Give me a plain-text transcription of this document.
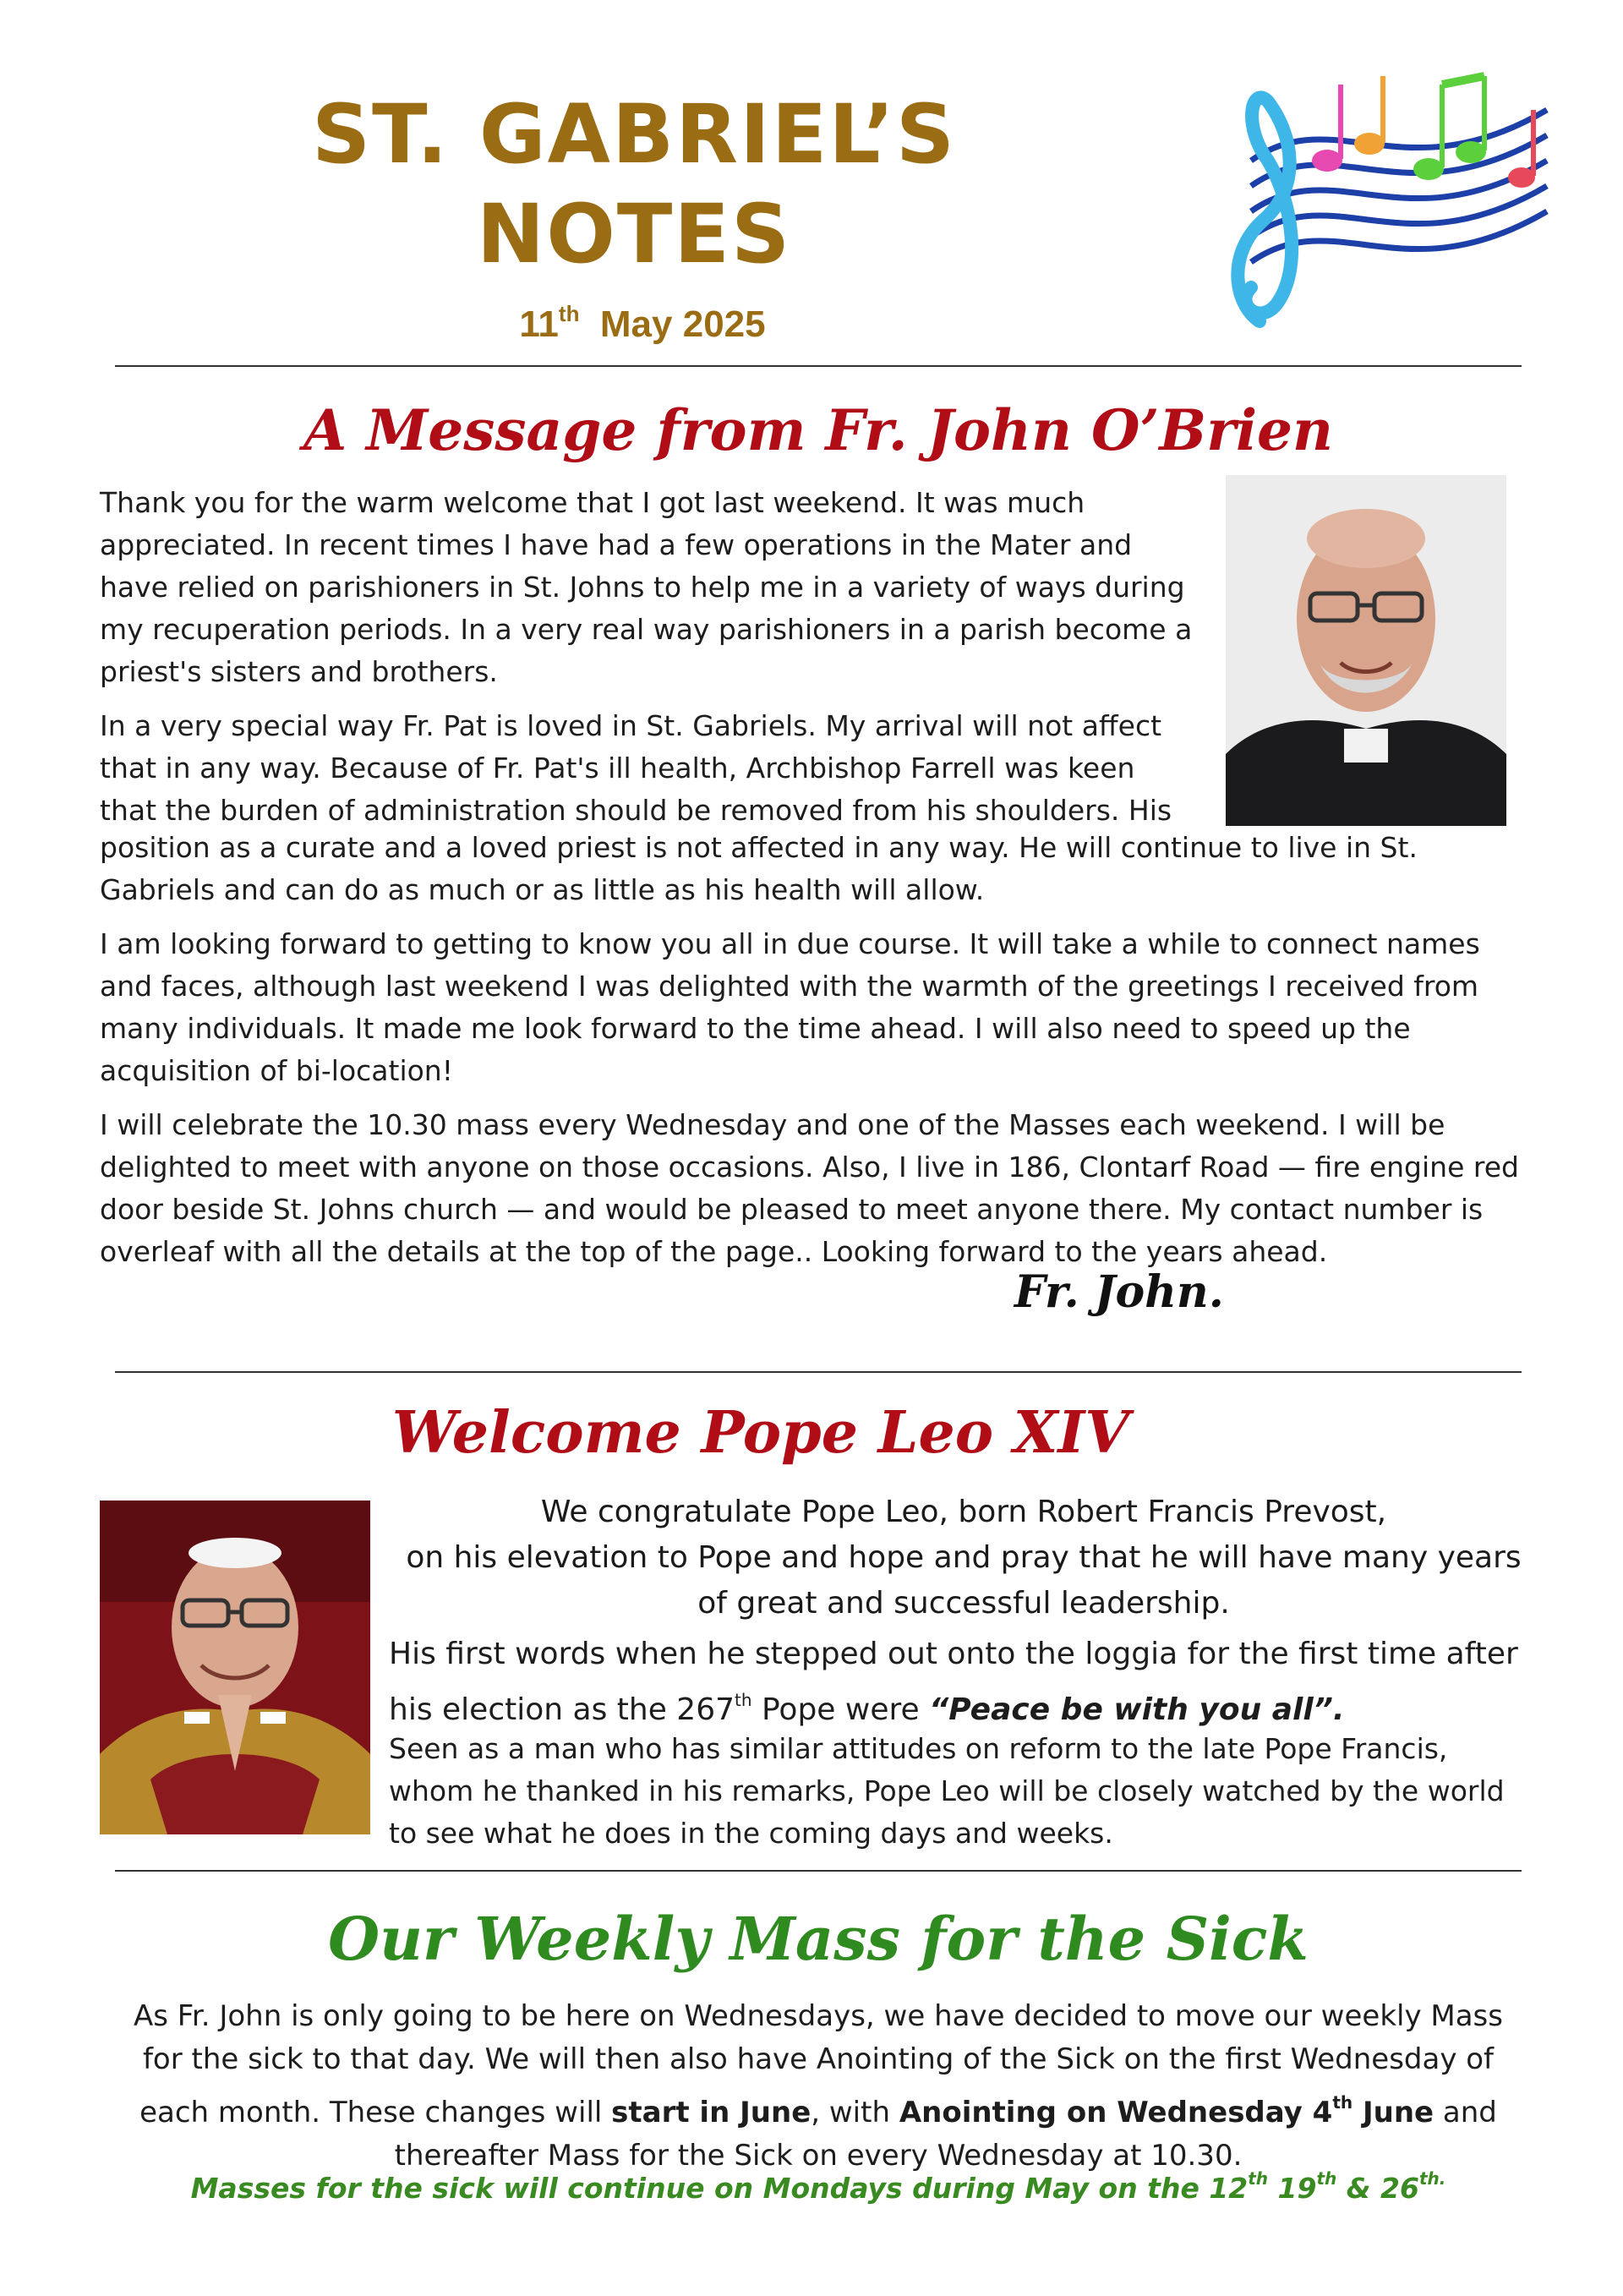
ST. GABRIEL’S
NOTES
11th May 2025
A Message from Fr. John O’Brien

Thank you for the warm welcome that I got last weekend. It was much appreciated. In recent times I have had a few operations in the Mater and have relied on parishioners in St. Johns to help me in a variety of ways during my recuperation periods. In a very real way parishioners in a parish become a priest's sisters and brothers.

In a very special way Fr. Pat is loved in St. Gabriels. My arrival will not affect that in any way. Because of Fr. Pat's ill health, Archbishop Farrell was keen that the burden of administration should be removed from his shoulders. His

position as a curate and a loved priest is not affected in any way. He will continue to live in St. Gabriels and can do as much or as little as his health will allow.

I am looking forward to getting to know you all in due course. It will take a while to connect names and faces, although last weekend I was delighted with the warmth of the greetings I received from many individuals. It made me look forward to the time ahead. I will also need to speed up the acquisition of bi-location!

I will celebrate the 10.30 mass every Wednesday and one of the Masses each weekend. I will be delighted to meet with anyone on those occasions. Also, I live in 186, Clontarf Road — fire engine red door beside St. Johns church — and would be pleased to meet anyone there. My contact number is overleaf with all the details at the top of the page.. Looking forward to the years ahead.

Fr. John.
Welcome Pope Leo XIV
We congratulate Pope Leo, born Robert Francis Prevost,
on his elevation to Pope and hope and pray that he will have many years of great and successful leadership.
His first words when he stepped out onto the loggia for the first time after his election as the 267th Pope were “Peace be with you all”.
Seen as a man who has similar attitudes on reform to the late Pope Francis, whom he thanked in his remarks, Pope Leo will be closely watched by the world to see what he does in the coming days and weeks.
Our Weekly Mass for the Sick
As Fr. John is only going to be here on Wednesdays, we have decided to move our weekly Mass for the sick to that day. We will then also have Anointing of the Sick on the first Wednesday of each month. These changes will start in June, with Anointing on Wednesday 4th June and thereafter Mass for the Sick on every Wednesday at 10.30.
Masses for the sick will continue on Mondays during May on the 12th 19th & $26^{th.}$
